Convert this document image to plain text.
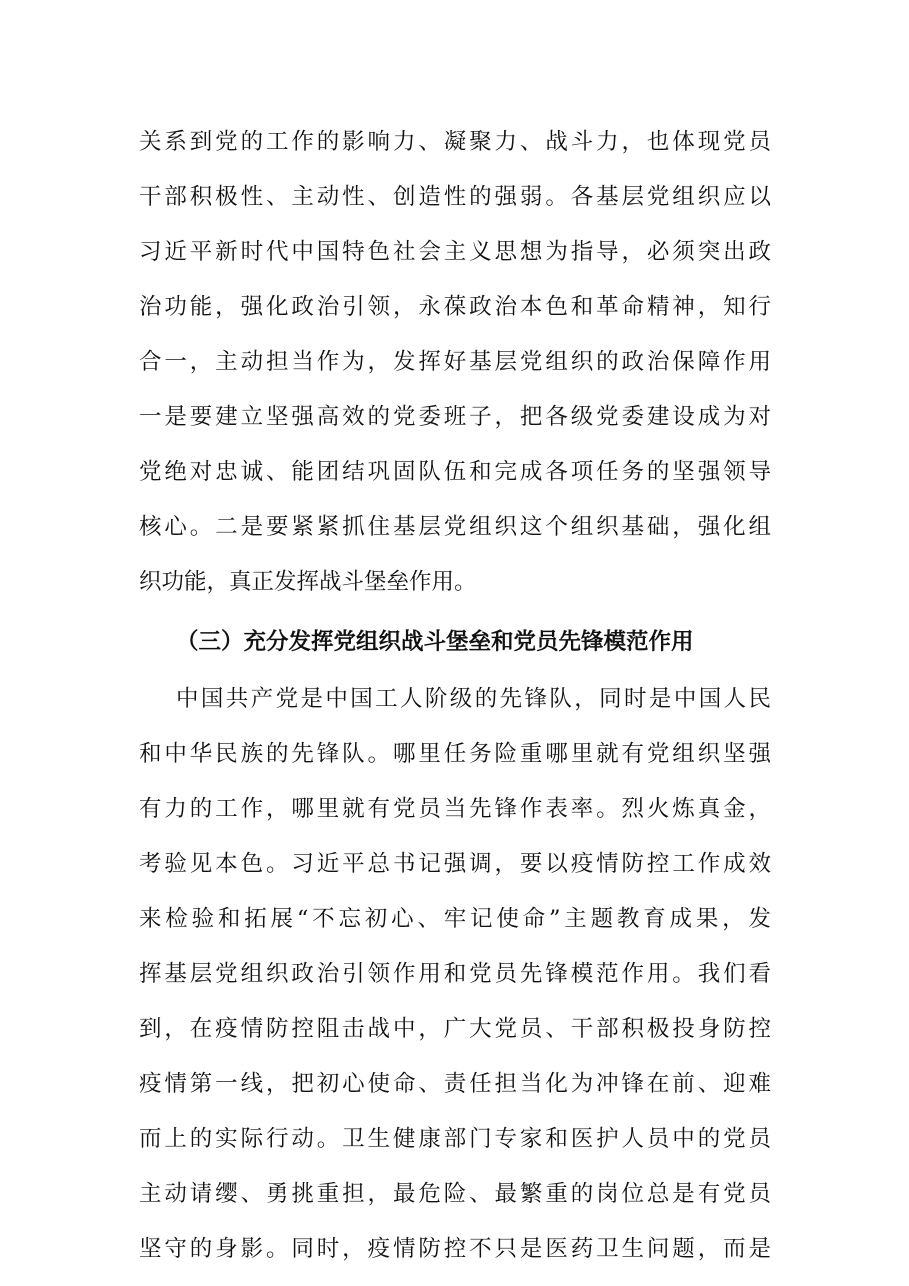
关系到党的工作的影响力、凝聚力、战斗力，也体现党员
干部积极性、主动性、创造性的强弱。各基层党组织应以
习近平新时代中国特色社会主义思想为指导，必须突出政
治功能，强化政治引领，永葆政治本色和革命精神，知行
合一，主动担当作为，发挥好基层党组织的政治保障作用
一是要建立坚强高效的党委班子，把各级党委建设成为对
党绝对忠诚、能团结巩固队伍和完成各项任务的坚强领导
核心。二是要紧紧抓住基层党组织这个组织基础，强化组
织功能，真正发挥战斗堡垒作用。
（三）充分发挥党组织战斗堡垒和党员先锋模范作用
中国共产党是中国工人阶级的先锋队，同时是中国人民
和中华民族的先锋队。哪里任务险重哪里就有党组织坚强
有力的工作，哪里就有党员当先锋作表率。烈火炼真金，
考验见本色。习近平总书记强调，要以疫情防控工作成效
来检验和拓展“不忘初心、牢记使命”主题教育成果，发
挥基层党组织政治引领作用和党员先锋模范作用。我们看
到，在疫情防控阻击战中，广大党员、干部积极投身防控
疫情第一线，把初心使命、责任担当化为冲锋在前、迎难
而上的实际行动。卫生健康部门专家和医护人员中的党员
主动请缨、勇挑重担，最危险、最繁重的岗位总是有党员
坚守的身影。同时，疫情防控不只是医药卫生问题，而是
